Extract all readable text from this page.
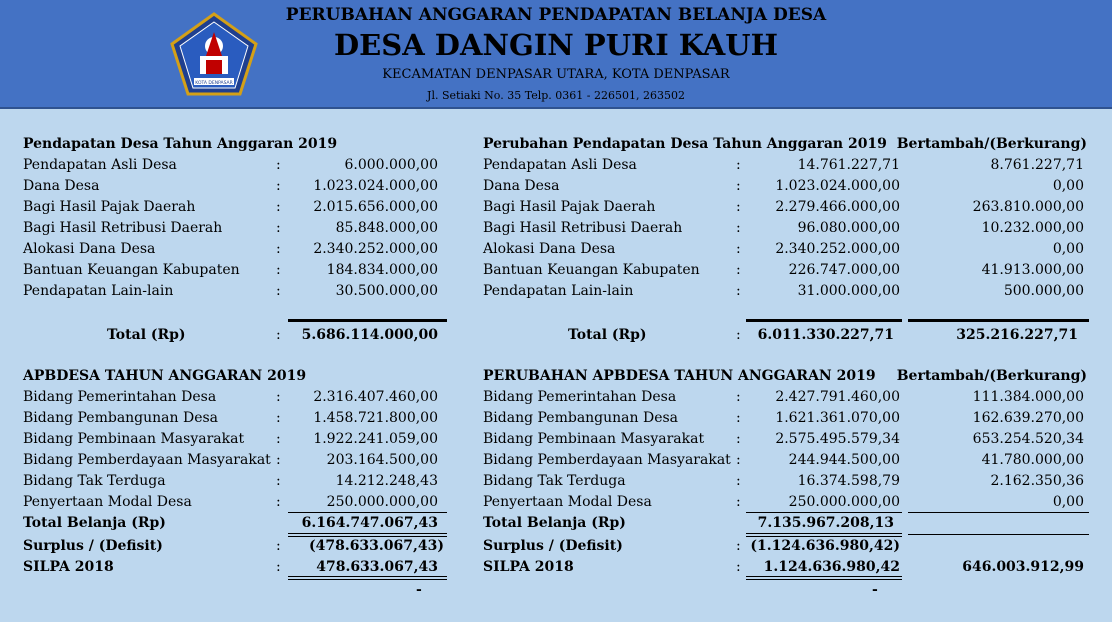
KOTA DENPASAR
PERUBAHAN ANGGARAN PENDAPATAN BELANJA DESA
DESA DANGIN PURI KAUH
KECAMATAN DENPASAR UTARA, KOTA DENPASAR
Jl. Setiaki No. 35 Telp. 0361 - 226501, 263502
Pendapatan Desa Tahun Anggaran 2019
Pendapatan Asli Desa	:	6.000.000,00
Dana Desa	: 1.023.024.000,00
Bagi Hasil Pajak Daerah	: 2.015.656.000,00
Bagi Hasil Retribusi Daerah	:	85.848.000,00
Alokasi Dana Desa	: 2.340.252.000,00
Bantuan Keuangan Kabupaten	:	184.834.000,00
Pendapatan Lain-lain	:	30.500.000,00
Total (Rp)	: 5.686.114.000,00
Perubahan Pendapatan Desa Tahun Anggaran 2019 Bertambah/(Berkurang)
Pendapatan Asli Desa	:	14.761.227,71	8.761.227,71
Dana Desa	: 1.023.024.000,00	0,00
Bagi Hasil Pajak Daerah	: 2.279.466.000,00	263.810.000,00
Bagi Hasil Retribusi Daerah	:	96.080.000,00	10.232.000,00
Alokasi Dana Desa	: 2.340.252.000,00	0,00
Bantuan Keuangan Kabupaten	:	226.747.000,00	41.913.000,00
Pendapatan Lain-lain	:	31.000.000,00	500.000,00
Total (Rp)	: 6.011.330.227,71	325.216.227,71
APBDESA TAHUN ANGGARAN 2019
Bidang Pemerintahan Desa	: 2.316.407.460,00
Bidang Pembangunan Desa	: 1.458.721.800,00
Bidang Pembinaan Masyarakat : 1.922.241.059,00
Bidang Pemberdayaan Masyarakat :	203.164.500,00
Bidang Tak Terduga	:	14.212.248,43
Penyertaan Modal Desa	:	250.000.000,00
Total Belanja (Rp)	6.164.747.067,43
Surplus / (Defisit)	: (478.633.067,43)
SILPA 2018	:	478.633.067,43
-
PERUBAHAN APBDESA TAHUN ANGGARAN 2019 Bertambah/(Berkurang)
Bidang Pemerintahan Desa	: 2.427.791.460,00	111.384.000,00
Bidang Pembangunan Desa	: 1.621.361.070,00	162.639.270,00
Bidang Pembinaan Masyarakat : 2.575.495.579,34	653.254.520,34
Bidang Pemberdayaan Masyarakat :	244.944.500,00	41.780.000,00
Bidang Tak Terduga	:	16.374.598,79	2.162.350,36
Penyertaan Modal Desa	:	250.000.000,00	0,00
Total Belanja (Rp)	7.135.967.208,13
Surplus / (Defisit)	: (1.124.636.980,42)
SILPA 2018	: 1.124.636.980,42	646.003.912,99
-
